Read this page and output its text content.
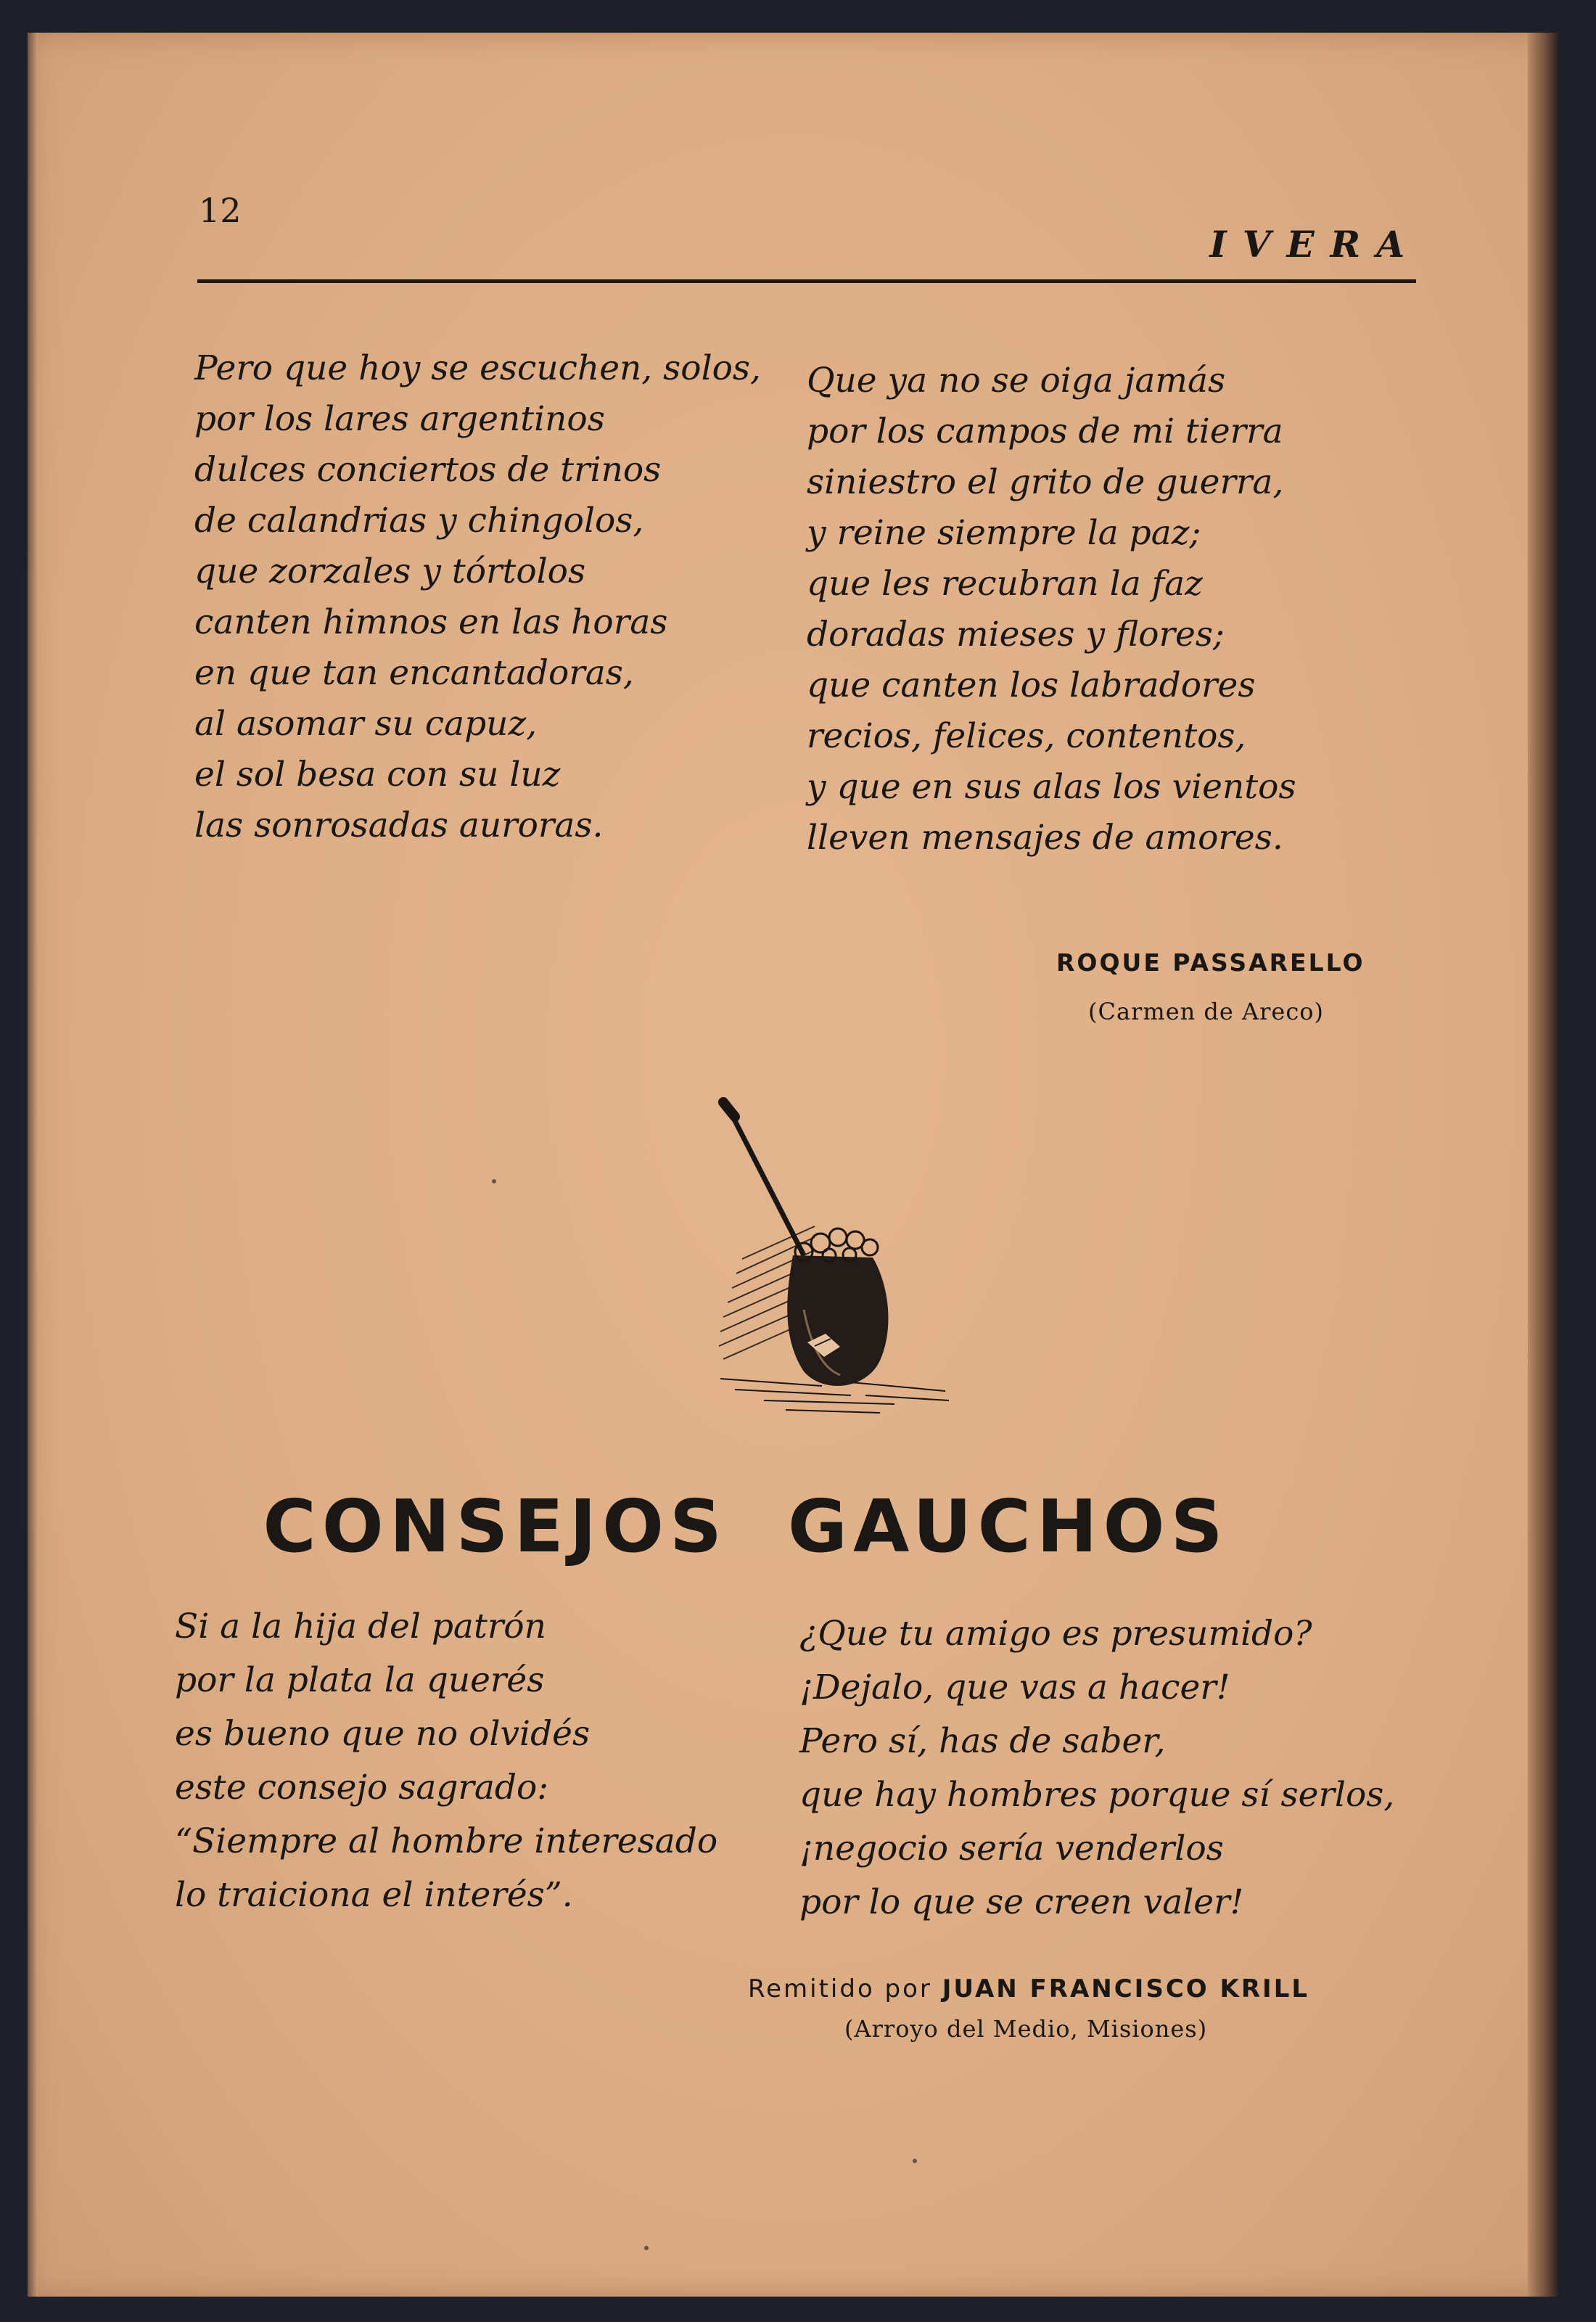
12
IVERA
Pero que hoy se escuchen, solos,
por los lares argentinos
dulces conciertos de trinos
de calandrias y chingolos,
que zorzales y tórtolos
canten himnos en las horas
en que tan encantadoras,
al asomar su capuz,
el sol besa con su luz
las sonrosadas auroras.
Que ya no se oiga jamás
por los campos de mi tierra
siniestro el grito de guerra,
y reine siempre la paz;
que les recubran la faz
doradas mieses y flores;
que canten los labradores
recios, felices, contentos,
y que en sus alas los vientos
lleven mensajes de amores.
ROQUE PASSARELLO
(Carmen de Areco)
CONSEJOS GAUCHOS
Si a la hija del patrón
por la plata la querés
es bueno que no olvidés
este consejo sagrado:
“Siempre al hombre interesado
lo traiciona el interés”.
¿Que tu amigo es presumido?
¡Dejalo, que vas a hacer!
Pero sí, has de saber,
que hay hombres porque sí serlos,
¡negocio sería venderlos
por lo que se creen valer!
Remitido por JUAN FRANCISCO KRILL
(Arroyo del Medio, Misiones)
